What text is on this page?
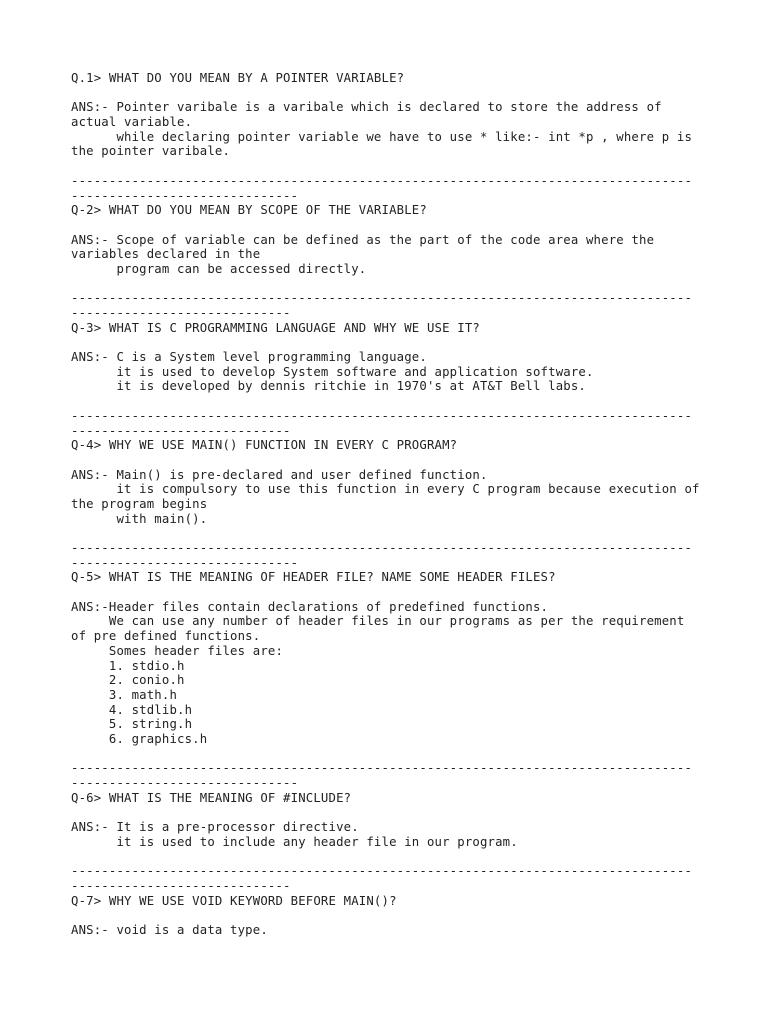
Q.1> WHAT DO YOU MEAN BY A POINTER VARIABLE?
ANS:- Pointer varibale is a varibale which is declared to store the address of
actual variable.
while declaring pointer variable we have to use * like:- int *p , where p is
the pointer varibale.
----------------------------------------------------------------------------------
------------------------------
Q-2> WHAT DO YOU MEAN BY SCOPE OF THE VARIABLE?
ANS:- Scope of variable can be defined as the part of the code area where the
variables declared in the
program can be accessed directly.
----------------------------------------------------------------------------------
-----------------------------
Q-3> WHAT IS C PROGRAMMING LANGUAGE AND WHY WE USE IT?
ANS:- C is a System level programming language.
it is used to develop System software and application software.
it is developed by dennis ritchie in 1970's at AT&T Bell labs.
----------------------------------------------------------------------------------
-----------------------------
Q-4> WHY WE USE MAIN() FUNCTION IN EVERY C PROGRAM?
ANS:- Main() is pre-declared and user defined function.
it is compulsory to use this function in every C program because execution of
the program begins
with main().
----------------------------------------------------------------------------------
------------------------------
Q-5> WHAT IS THE MEANING OF HEADER FILE? NAME SOME HEADER FILES?
ANS:-Header files contain declarations of predefined functions.
We can use any number of header files in our programs as per the requirement
of pre defined functions.
Somes header files are:
1. stdio.h
2. conio.h
3. math.h
4. stdlib.h
5. string.h
6. graphics.h
----------------------------------------------------------------------------------
------------------------------
Q-6> WHAT IS THE MEANING OF #INCLUDE?
ANS:- It is a pre-processor directive.
it is used to include any header file in our program.
----------------------------------------------------------------------------------
-----------------------------
Q-7> WHY WE USE VOID KEYWORD BEFORE MAIN()?
ANS:- void is a data type.
